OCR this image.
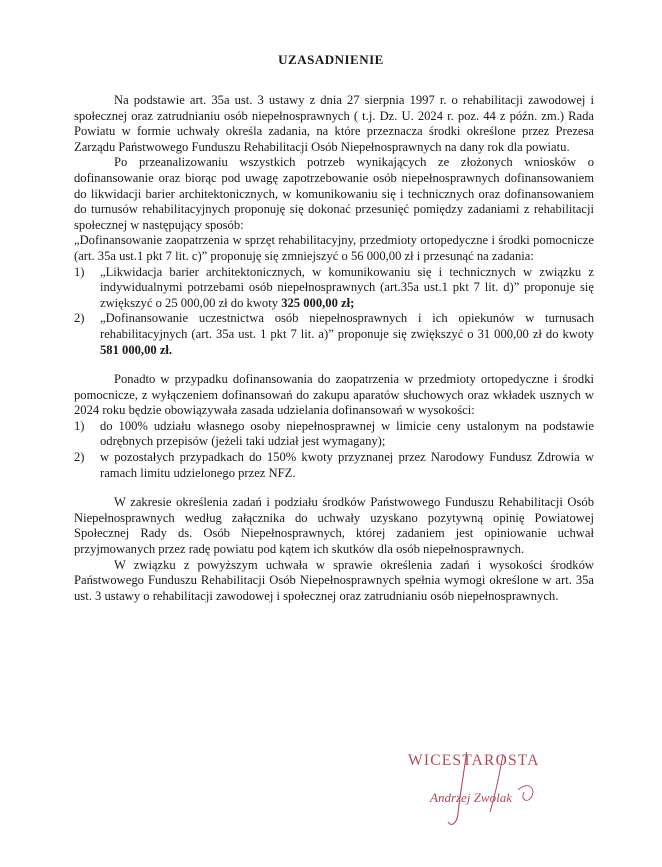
UZASADNIENIE

Na podstawie art. 35a ust. 3 ustawy z dnia 27 sierpnia 1997 r. o rehabilitacji zawodowej i społecznej oraz zatrudnianiu osób niepełnosprawnych ( t.j. Dz. U. 2024 r. poz. 44 z późn. zm.) Rada Powiatu w formie uchwały określa zadania, na które przeznacza środki określone przez Prezesa Zarządu Państwowego Funduszu Rehabilitacji Osób Niepełnosprawnych na dany rok dla powiatu.

Po przeanalizowaniu wszystkich potrzeb wynikających ze złożonych wniosków o dofinansowanie oraz biorąc pod uwagę zapotrzebowanie osób niepełnosprawnych dofinansowaniem do likwidacji barier architektonicznych, w komunikowaniu się i technicznych oraz dofinansowaniem do turnusów rehabilitacyjnych proponuję się dokonać przesunięć pomiędzy zadaniami z rehabilitacji społecznej w następujący sposób:

„Dofinansowanie zaopatrzenia w sprzęt rehabilitacyjny, przedmioty ortopedyczne i środki pomocnicze (art. 35a ust.1 pkt 7 lit. c)” proponuję się zmniejszyć o 56 000,00 zł i przesunąć na zadania:

1)	„Likwidacja barier architektonicznych, w komunikowaniu się i technicznych w związku z indywidualnymi potrzebami osób niepełnosprawnych (art.35a ust.1 pkt 7 lit. d)” proponuje się zwiększyć o 25 000,00 zł do kwoty 325 000,00 zł;
2)	„Dofinansowanie uczestnictwa osób niepełnosprawnych i ich opiekunów w turnusach rehabilitacyjnych (art. 35a ust. 1 pkt 7 lit. a)” proponuje się zwiększyć o 31 000,00 zł do kwoty 581 000,00 zł.

Ponadto w przypadku dofinansowania do zaopatrzenia w przedmioty ortopedyczne i środki pomocnicze, z wyłączeniem dofinansowań do zakupu aparatów słuchowych oraz wkładek usznych w 2024 roku będzie obowiązywała zasada udzielania dofinansowań w wysokości:

1)	do 100% udziału własnego osoby niepełnosprawnej w limicie ceny ustalonym na podstawie odrębnych przepisów (jeżeli taki udział jest wymagany);
2)	w pozostałych przypadkach do 150% kwoty przyznanej przez Narodowy Fundusz Zdrowia w ramach limitu udzielonego przez NFZ.

W zakresie określenia zadań i podziału środków Państwowego Funduszu Rehabilitacji Osób Niepełnosprawnych według załącznika do uchwały uzyskano pozytywną opinię Powiatowej Społecznej Rady ds. Osób Niepełnosprawnych, której zadaniem jest opiniowanie uchwał przyjmowanych przez radę powiatu pod kątem ich skutków dla osób niepełnosprawnych.

W związku z powyższym uchwała w sprawie określenia zadań i wysokości środków Państwowego Funduszu Rehabilitacji Osób Niepełnosprawnych spełnia wymogi określone w art. 35a ust. 3 ustawy o rehabilitacji zawodowej i społecznej oraz zatrudnianiu osób niepełnosprawnych.

WICESTAROSTA
Andrzej Zwolak
